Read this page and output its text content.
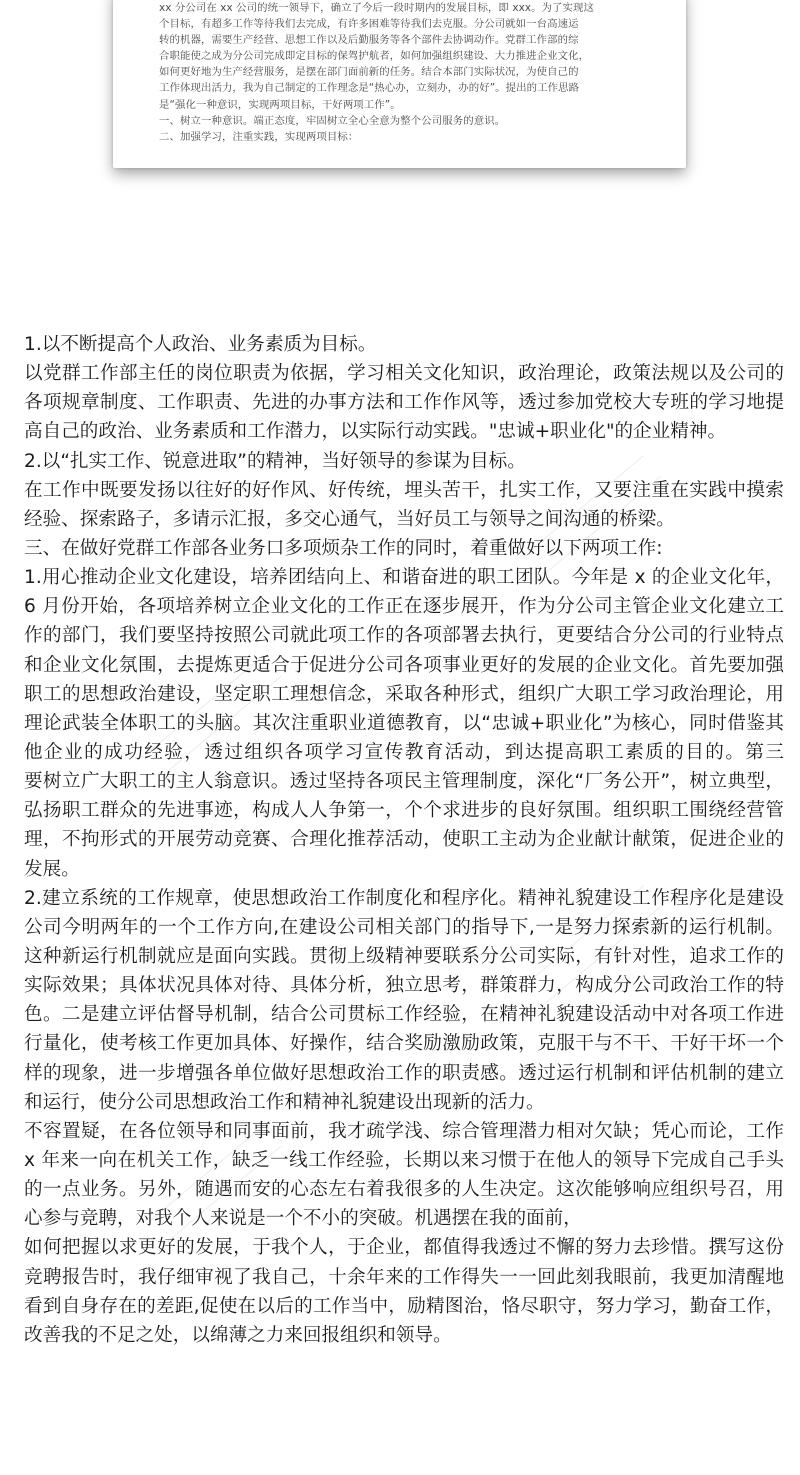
xx 分公司在 xx 公司的统一领导下，确立了今后一段时期内的发展目标，即 xxx。为了实现这
个目标，有超多工作等待我们去完成，有许多困难等待我们去克服。分公司就如一台高速运
转的机器，需要生产经营、思想工作以及后勤服务等各个部件去协调动作。党群工作部的综
合职能使之成为分公司完成即定目标的保驾护航者，如何加强组织建设、大力推进企业文化，
如何更好地为生产经营服务，是摆在部门面前新的任务。结合本部门实际状况，为使自己的
工作体现出活力，我为自己制定的工作理念是“热心办，立刻办，办的好”。提出的工作思路
是“强化一种意识，实现两项目标，干好两项工作”。
一、树立一种意识。端正态度，牢固树立全心全意为整个公司服务的意识。
二、加强学习，注重实践，实现两项目标：
1.以不断提高个人政治、业务素质为目标。
以党群工作部主任的岗位职责为依据，学习相关文化知识，政治理论，政策法规以及公司的
各项规章制度、工作职责、先进的办事方法和工作作风等，透过参加党校大专班的学习地提
高自己的政治、业务素质和工作潜力，以实际行动实践。"忠诚+职业化"的企业精神。
2.以“扎实工作、锐意进取”的精神，当好领导的参谋为目标。
在工作中既要发扬以往好的好作风、好传统，埋头苦干，扎实工作，又要注重在实践中摸索
经验、探索路子，多请示汇报，多交心通气，当好员工与领导之间沟通的桥梁。
三、在做好党群工作部各业务口多项烦杂工作的同时，着重做好以下两项工作:
1.用心推动企业文化建设，培养团结向上、和谐奋进的职工团队。今年是 x 的企业文化年，
6 月份开始，各项培养树立企业文化的工作正在逐步展开，作为分公司主管企业文化建立工
作的部门，我们要坚持按照公司就此项工作的各项部署去执行，更要结合分公司的行业特点
和企业文化氛围，去提炼更适合于促进分公司各项事业更好的发展的企业文化。首先要加强
职工的思想政治建设，坚定职工理想信念，采取各种形式，组织广大职工学习政治理论，用
理论武装全体职工的头脑。其次注重职业道德教育，以“忠诚+职业化”为核心，同时借鉴其
他企业的成功经验，透过组织各项学习宣传教育活动，到达提高职工素质的目的。第三
要树立广大职工的主人翁意识。透过坚持各项民主管理制度，深化“厂务公开”，树立典型，
弘扬职工群众的先进事迹，构成人人争第一，个个求进步的良好氛围。组织职工围绕经营管
理，不拘形式的开展劳动竞赛、合理化推荐活动，使职工主动为企业献计献策，促进企业的
发展。
2.建立系统的工作规章，使思想政治工作制度化和程序化。精神礼貌建设工作程序化是建设
公司今明两年的一个工作方向,在建设公司相关部门的指导下,一是努力探索新的运行机制。
这种新运行机制就应是面向实践。贯彻上级精神要联系分公司实际，有针对性，追求工作的
实际效果；具体状况具体对待、具体分析，独立思考，群策群力，构成分公司政治工作的特
色。二是建立评估督导机制，结合公司贯标工作经验，在精神礼貌建设活动中对各项工作进
行量化，使考核工作更加具体、好操作，结合奖励激励政策，克服干与不干、干好干坏一个
样的现象，进一步增强各单位做好思想政治工作的职责感。透过运行机制和评估机制的建立
和运行，使分公司思想政治工作和精神礼貌建设出现新的活力。
不容置疑，在各位领导和同事面前，我才疏学浅、综合管理潜力相对欠缺；凭心而论，工作
x 年来一向在机关工作，缺乏一线工作经验，长期以来习惯于在他人的领导下完成自己手头
的一点业务。另外，随遇而安的心态左右着我很多的人生决定。这次能够响应组织号召，用
心参与竞聘，对我个人来说是一个不小的突破。机遇摆在我的面前，
如何把握以求更好的发展，于我个人，于企业，都值得我透过不懈的努力去珍惜。撰写这份
竞聘报告时，我仔细审视了我自己，十余年来的工作得失一一回此刻我眼前，我更加清醒地
看到自身存在的差距,促使在以后的工作当中，励精图治，恪尽职守，努力学习，勤奋工作，
改善我的不足之处，以绵薄之力来回报组织和领导。
